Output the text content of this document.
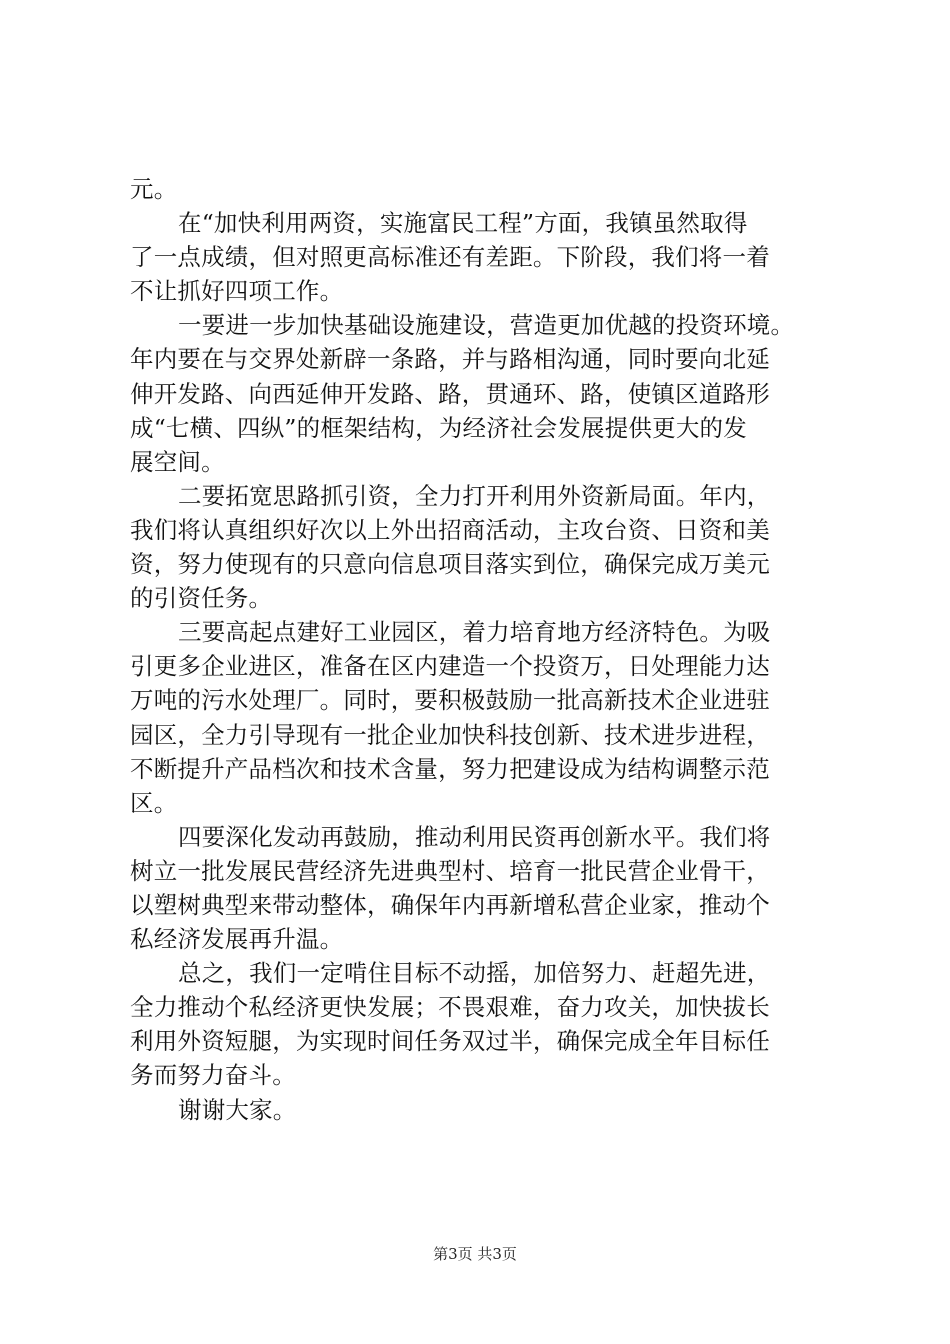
元。
在“加快利用两资，实施富民工程”方面，我镇虽然取得
了一点成绩，但对照更高标准还有差距。下阶段，我们将一着
不让抓好四项工作。
一要进一步加快基础设施建设，营造更加优越的投资环境。
年内要在与交界处新辟一条路，并与路相沟通，同时要向北延
伸开发路、向西延伸开发路、路，贯通环、路，使镇区道路形
成“七横、四纵”的框架结构，为经济社会发展提供更大的发
展空间。
二要拓宽思路抓引资，全力打开利用外资新局面。年内，
我们将认真组织好次以上外出招商活动，主攻台资、日资和美
资，努力使现有的只意向信息项目落实到位，确保完成万美元
的引资任务。
三要高起点建好工业园区，着力培育地方经济特色。为吸
引更多企业进区，准备在区内建造一个投资万，日处理能力达
万吨的污水处理厂。同时，要积极鼓励一批高新技术企业进驻
园区，全力引导现有一批企业加快科技创新、技术进步进程，
不断提升产品档次和技术含量，努力把建设成为结构调整示范
区。
四要深化发动再鼓励，推动利用民资再创新水平。我们将
树立一批发展民营经济先进典型村、培育一批民营企业骨干，
以塑树典型来带动整体，确保年内再新增私营企业家，推动个
私经济发展再升温。
总之，我们一定啃住目标不动摇，加倍努力、赶超先进，
全力推动个私经济更快发展；不畏艰难，奋力攻关，加快拔长
利用外资短腿，为实现时间任务双过半，确保完成全年目标任
务而努力奋斗。
谢谢大家。
第3页 共3页
